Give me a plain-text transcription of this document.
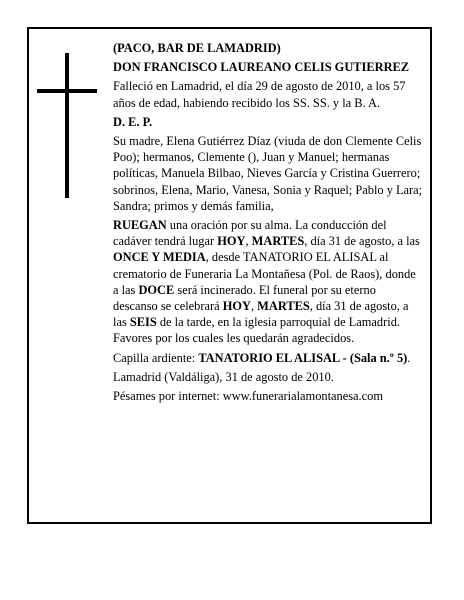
(PACO, BAR DE LAMADRID)

DON FRANCISCO LAUREANO CELIS GUTIERREZ

Falleció en Lamadrid, el día 29 de agosto de 2010, a los 57 años de edad, habiendo recibido los SS. SS. y la B. A.

D. E. P.

Su madre, Elena Gutiérrez Díaz (viuda de don Clemente Celis Poo); hermanos, Clemente (), Juan y Manuel; hermanas políticas, Manuela Bilbao, Nieves García y Cristina Guerrero; sobrinos, Elena, Mario, Vanesa, Sonia y Raquel; Pablo y Lara; Sandra; primos y demás familia,

RUEGAN una oración por su alma. La conducción del cadáver tendrá lugar HOY, MARTES, día 31 de agosto, a las ONCE Y MEDIA, desde TANATORIO EL ALISAL al crematorio de Funeraria La Montañesa (Pol. de Raos), donde a las DOCE será incinerado. El funeral por su eterno descanso se celebrará HOY, MARTES, día 31 de agosto, a las SEIS de la tarde, en la iglesia parroquial de Lamadrid. Favores por los cuales les quedarán agradecidos.

Capilla ardiente: TANATORIO EL ALISAL - (Sala n.º 5).

Lamadrid (Valdáliga), 31 de agosto de 2010.

Pésames por internet: www.funerarialamontanesa.com
